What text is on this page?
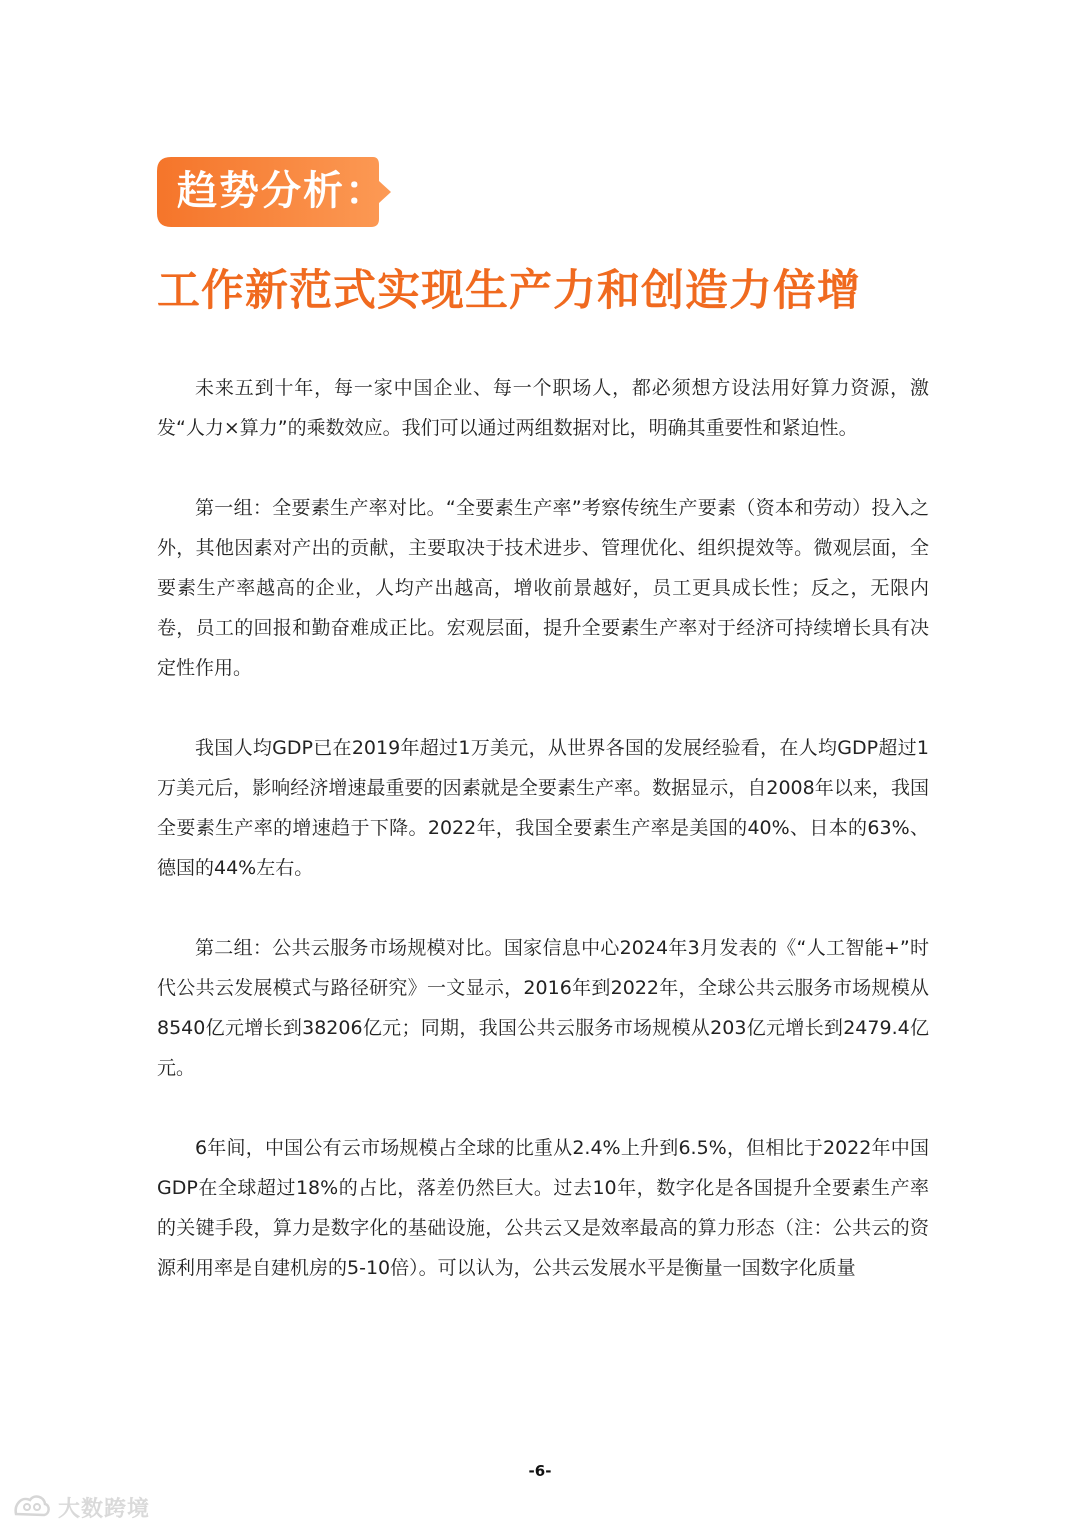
趋势分析：
工作新范式实现生产力和创造力倍增

未来五到十年，每一家中国企业、每一个职场人，都必须想方设法用好算力资源，激发“人力×算力”的乘数效应。我们可以通过两组数据对比，明确其重要性和紧迫性。

第一组：全要素生产率对比。“全要素生产率”考察传统生产要素（资本和劳动）投入之外，其他因素对产出的贡献，主要取决于技术进步、管理优化、组织提效等。微观层面，全要素生产率越高的企业，人均产出越高，增收前景越好，员工更具成长性；反之，无限内卷，员工的回报和勤奋难成正比。宏观层面，提升全要素生产率对于经济可持续增长具有决定性作用。

我国人均GDP已在2019年超过1万美元，从世界各国的发展经验看，在人均GDP超过1万美元后，影响经济增速最重要的因素就是全要素生产率。数据显示，自2008年以来，我国全要素生产率的增速趋于下降。2022年，我国全要素生产率是美国的40%、日本的63%、德国的44%左右。

第二组：公共云服务市场规模对比。国家信息中心2024年3月发表的《“人工智能+”时代公共云发展模式与路径研究》一文显示，2016年到2022年，全球公共云服务市场规模从8540亿元增长到38206亿元；同期，我国公共云服务市场规模从203亿元增长到2479.4亿元。

6年间，中国公有云市场规模占全球的比重从2.4%上升到6.5%，但相比于2022年中国GDP在全球超过18%的占比，落差仍然巨大。过去10年，数字化是各国提升全要素生产率的关键手段，算力是数字化的基础设施，公共云又是效率最高的算力形态（注：公共云的资源利用率是自建机房的5-10倍）。可以认为，公共云发展水平是衡量一国数字化质量

-6-
大数跨境
